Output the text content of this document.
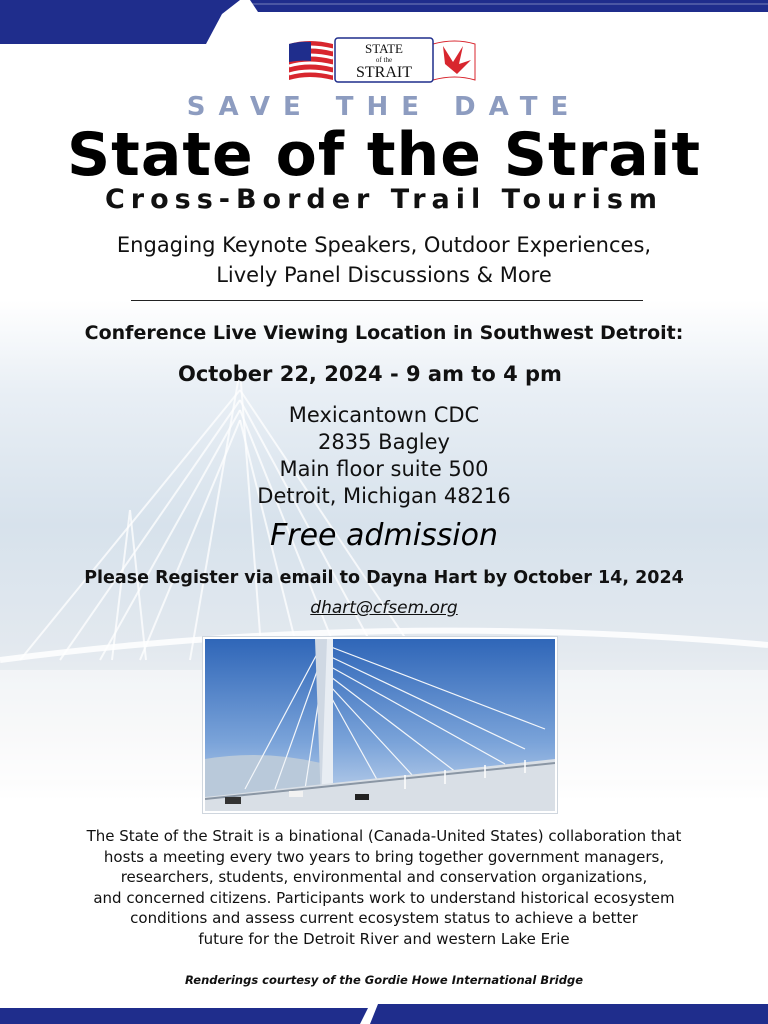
STATE
of the
STRAIT
SAVE THE DATE
State of the Strait
Cross-Border Trail Tourism
Engaging Keynote Speakers, Outdoor Experiences,
Lively Panel Discussions & More
Conference Live Viewing Location in Southwest Detroit:
October 22, 2024 - 9 am to 4 pm
Mexicantown CDC
2835 Bagley
Main floor suite 500
Detroit, Michigan 48216
Free admission
Please Register via email to Dayna Hart by October 14, 2024
dhart@cfsem.org
The State of the Strait is a binational (Canada-United States) collaboration that
hosts a meeting every two years to bring together government managers,
researchers, students, environmental and conservation organizations,
and concerned citizens. Participants work to understand historical ecosystem
conditions and assess current ecosystem status to achieve a better
future for the Detroit River and western Lake Erie
Renderings courtesy of the Gordie Howe International Bridge
